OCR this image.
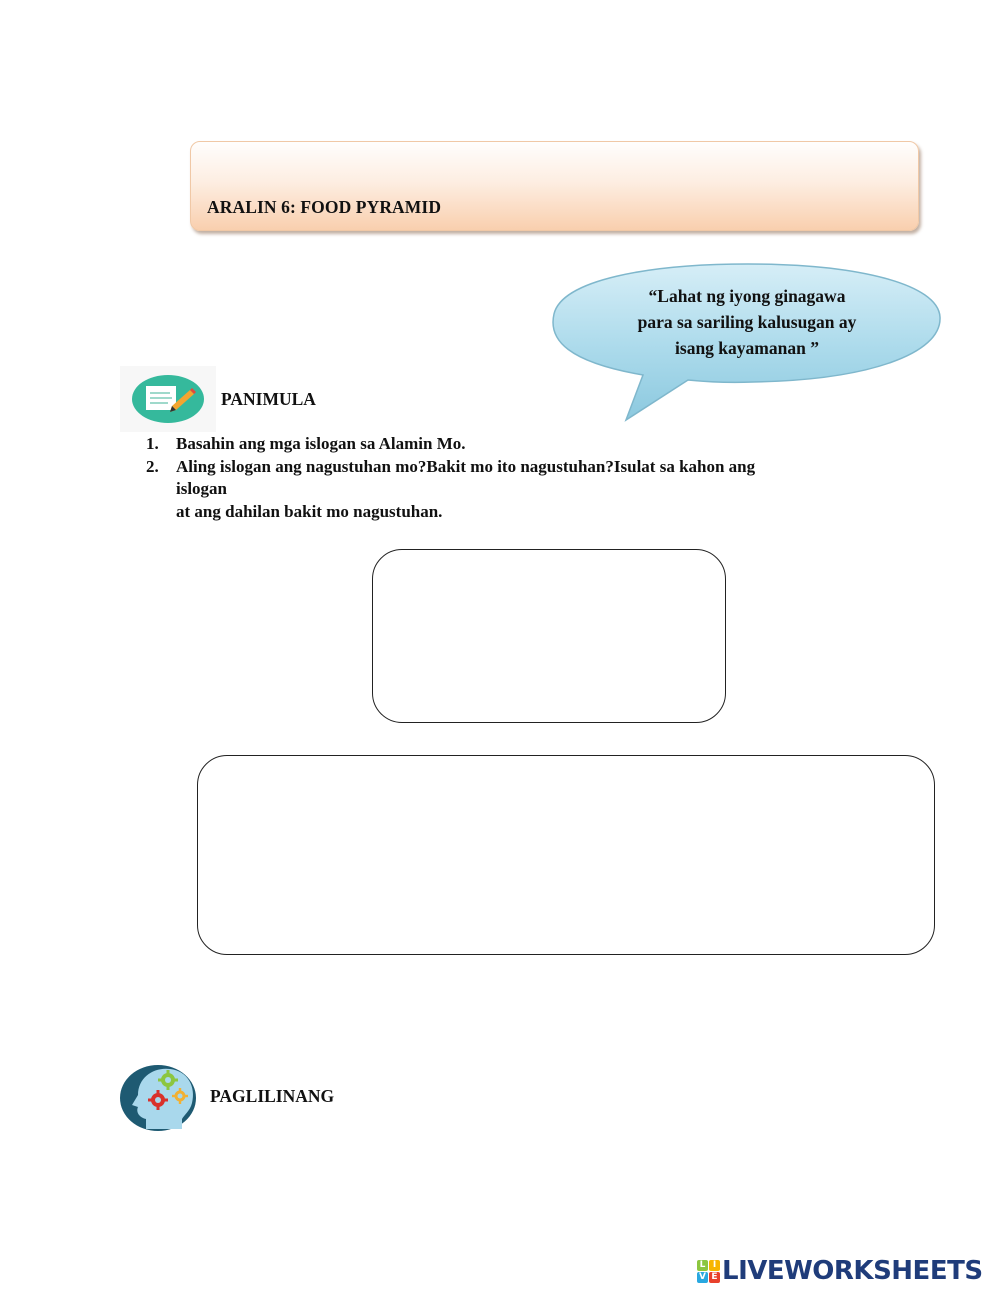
ARALIN 6: FOOD PYRAMID
“Lahat ng iyong ginagawa
para sa sariling kalusugan ay
isang kayamanan ”
PANIMULA
1.	Basahin ang mga islogan sa Alamin Mo.
2.	Aling islogan ang nagustuhan mo?Bakit mo ito nagustuhan?Isulat sa kahon ang
islogan
at ang dahilan bakit mo nagustuhan.
PAGLILINANG
L I
V E LIVEWORKSHEETS
